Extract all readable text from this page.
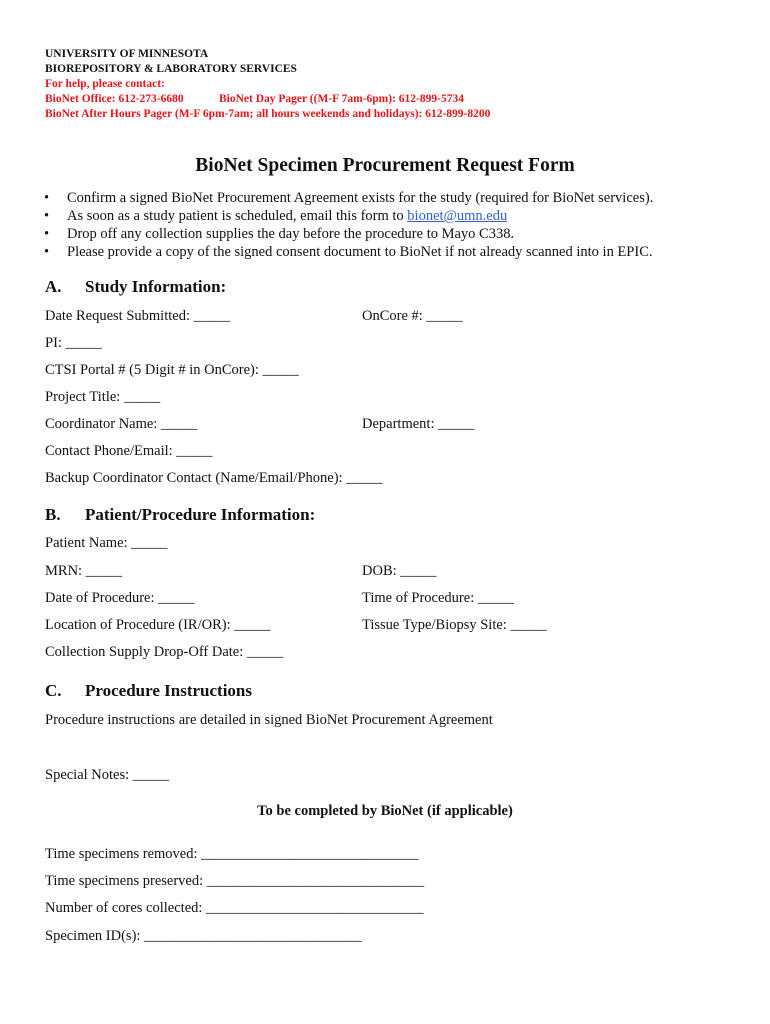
UNIVERSITY OF MINNESOTA
BIOREPOSITORY & LABORATORY SERVICES
For help, please contact:
BioNet Office: 612-273-6680	BioNet Day Pager ((M-F 7am-6pm): 612-899-5734
BioNet After Hours Pager (M-F 6pm-7am; all hours weekends and holidays): 612-899-8200
BioNet Specimen Procurement Request Form
• Confirm a signed BioNet Procurement Agreement exists for the study (required for BioNet services).
• As soon as a study patient is scheduled, email this form to bionet@umn.edu
• Drop off any collection supplies the day before the procedure to Mayo C338.
• Please provide a copy of the signed consent document to BioNet if not already scanned into in EPIC.
A. Study Information:
Date Request Submitted: _____	OnCore #: _____
PI: _____
CTSI Portal # (5 Digit # in OnCore): _____
Project Title: _____
Coordinator Name: _____	Department: _____
Contact Phone/Email: _____
Backup Coordinator Contact (Name/Email/Phone): _____
B. Patient/Procedure Information:
Patient Name: _____
MRN: _____	DOB: _____
Date of Procedure: _____	Time of Procedure: _____
Location of Procedure (IR/OR): _____	Tissue Type/Biopsy Site: _____
Collection Supply Drop-Off Date: _____
C. Procedure Instructions
Procedure instructions are detailed in signed BioNet Procurement Agreement
Special Notes: _____
To be completed by BioNet (if applicable)
Time specimens removed: ______________________________
Time specimens preserved: ______________________________
Number of cores collected: ______________________________
Specimen ID(s): ______________________________
